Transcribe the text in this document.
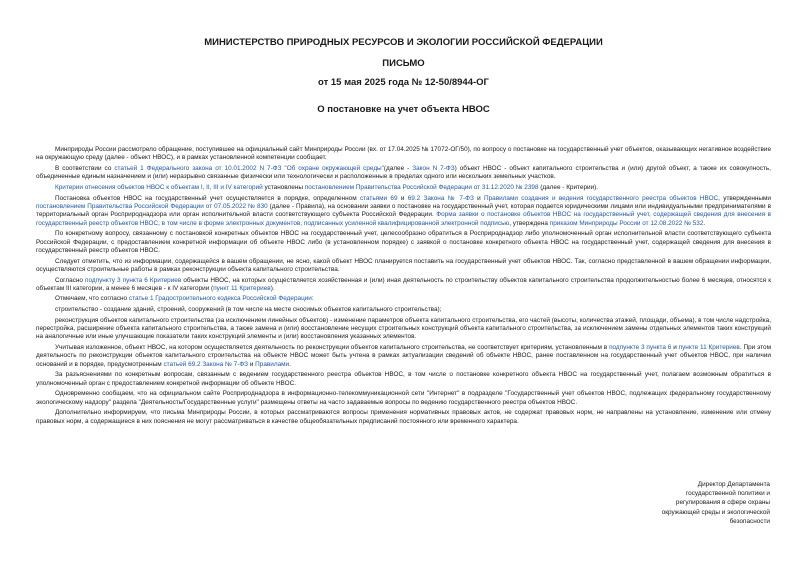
МИНИСТЕРСТВО ПРИРОДНЫХ РЕСУРСОВ И ЭКОЛОГИИ РОССИЙСКОЙ ФЕДЕРАЦИИ
ПИСЬМО
от 15 мая 2025 года № 12-50/8944-ОГ
О постановке на учет объекта НВОС

Минприроды России рассмотрело обращение, поступившее на официальный сайт Минприроды России (вх. от 17.04.2025 № 17072-ОГ/50), по вопросу о постановке на государственный учет объектов, оказывающих негативное воздействие на окружающую среду (далее - объект НВОС), и в рамках установленной компетенции сообщает.

В соответствии со статьей 1 Федерального закона от 10.01.2002 N 7-ФЗ "Об охране окружающей среды"(далее - Закон N 7-ФЗ) объект НВОС - объект капитального строительства и (или) другой объект, а также их совокупность, объединенные единым назначением и (или) неразрывно связанные физически или технологически и расположенные в пределах одного или нескольких земельных участков.

Критерии отнесения объектов НВОС к объектам I, II, III и IV категорий установлены постановлением Правительства Российской Федерации от 31.12.2020 № 2398 (далее - Критерии).

Постановка объектов НВОС на государственный учет осуществляется в порядке, определенном статьями 69 и 69.2 Закона № 7-ФЗ и Правилами создания и ведения государственного реестра объектов НВОС, утвержденными постановлением Правительства Российской Федерации от 07.05.2022 № 830 (далее - Правила), на основании заявки о постановке на государственный учет, которая подается юридическими лицами или индивидуальными предпринимателями в территориальный орган Росприроднадзора или орган исполнительной власти соответствующего субъекта Российской Федерации. Форма заявки о постановке объектов НВОС на государственный учет, содержащей сведения для внесения в государственный реестр объектов НВОС, в том числе в форме электронных документов, подписанных усиленной квалифицированной электронной подписью, утверждена приказом Минприроды России от 12.08.2022 № 532.

По конкретному вопросу, связанному с постановкой конкретных объектов НВОС на государственный учет, целесообразно обратиться в Росприроднадзор либо уполномоченный орган исполнительной власти соответствующего субъекта Российской Федерации, с предоставлением конкретной информации об объекте НВОС либо (в установленном порядке) с заявкой о постановке конкретного объекта НВОС на государственный учет, содержащей сведения для внесения в государственный реестр объектов НВОС.

Следует отметить, что из информации, содержащейся в вашем обращении, не ясно, какой объект НВОС планируется поставить на государственный учет объектов НВОС. Так, согласно представленной в вашем обращении информации, осуществляются строительные работы в рамках реконструкции объекта капитального строительства.

Согласно подпункту 3 пункта 6 Критериев объекты НВОС, на которых осуществляется хозяйственная и (или) иная деятельность по строительству объектов капитального строительства продолжительностью более 6 месяцев, относятся к объектам III категории, а менее 6 месяцев - к IV категории (пункт 11 Критериев).

Отмечаем, что согласно статье 1 Градостроительного кодекса Российской Федерации:

строительство - создание зданий, строений, сооружений (в том числе на месте сносимых объектов капитального строительства);

реконструкция объектов капитального строительства (за исключением линейных объектов) - изменение параметров объекта капитального строительства, его частей (высоты, количества этажей, площади, объема), в том числе надстройка, перестройка, расширение объекта капитального строительства, а также замена и (или) восстановление несущих строительных конструкций объекта капитального строительства, за исключением замены отдельных элементов таких конструкций на аналогичные или иные улучшающие показатели таких конструкций элементы и (или) восстановления указанных элементов.

Учитывая изложенное, объект НВОС, на котором осуществляется деятельность по реконструкции объектов капитального строительства, не соответствует критериям, установленным в подпункте 3 пункта 6 и пункте 11 Критериев. При этом деятельность по реконструкции объектов капитального строительства на объекте НВОС может быть учтена в рамках актуализации сведений об объекте НВОС, ранее поставленном на государственный учет объектов НВОС, при наличии оснований и в порядке, предусмотренным статьей 69.2 Закона № 7-ФЗ и Правилами.

За разъяснениями по конкретным вопросам, связанным с ведением государственного реестра объектов НВОС, в том числе о постановке конкретного объекта НВОС на государственный учет, полагаем возможным обратиться в уполномоченный орган с предоставлением конкретной информации об объекте НВОС.

Одновременно сообщаем, что на официальном сайте Росприроднадзора в информационно-телекоммуникационной сети "Интернет" в подразделе "Государственный учет объектов НВОС, подлежащих федеральному государственному экологическому надзору" раздела "Деятельность/Государственные услуги" размещены ответы на часто задаваемые вопросы по ведению государственного реестра объектов НВОС.

Дополнительно информируем, что письма Минприроды России, в которых рассматриваются вопросы применения нормативных правовых актов, не содержат правовых норм, не направлены на установление, изменение или отмену правовых норм, а содержащиеся в них пояснения не могут рассматриваться в качестве общеобязательных предписаний постоянного или временного характера.

Директор Департамента
государственной политики и
регулирования в сфере охраны
окружающей среды и экологической
безопасности
